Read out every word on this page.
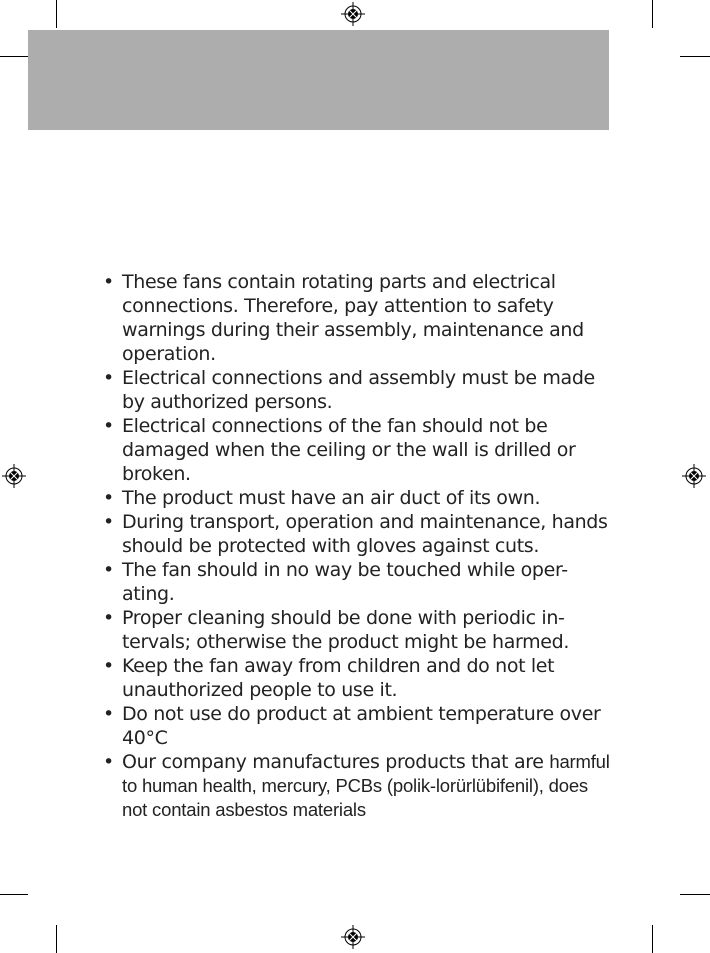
• These fans contain rotating parts and electrical connections. Therefore, pay attention to safety warnings during their assembly, maintenance and operation.
• Electrical connections and assembly must be made by authorized persons.
• Electrical connections of the fan should not be damaged when the ceiling or the wall is drilled or broken.
• The product must have an air duct of its own.
• During transport, operation and maintenance, hands should be protected with gloves against cuts.
• The fan should in no way be touched while oper-ating.
• Proper cleaning should be done with periodic in-tervals; otherwise the product might be harmed.
• Keep the fan away from children and do not let unauthorized people to use it.
• Do not use do product at ambient temperature over 40°C
• Our company manufactures products that are harmful to human health, mercury, PCBs (polik-lorürlübifenil), does not contain asbestos materials
